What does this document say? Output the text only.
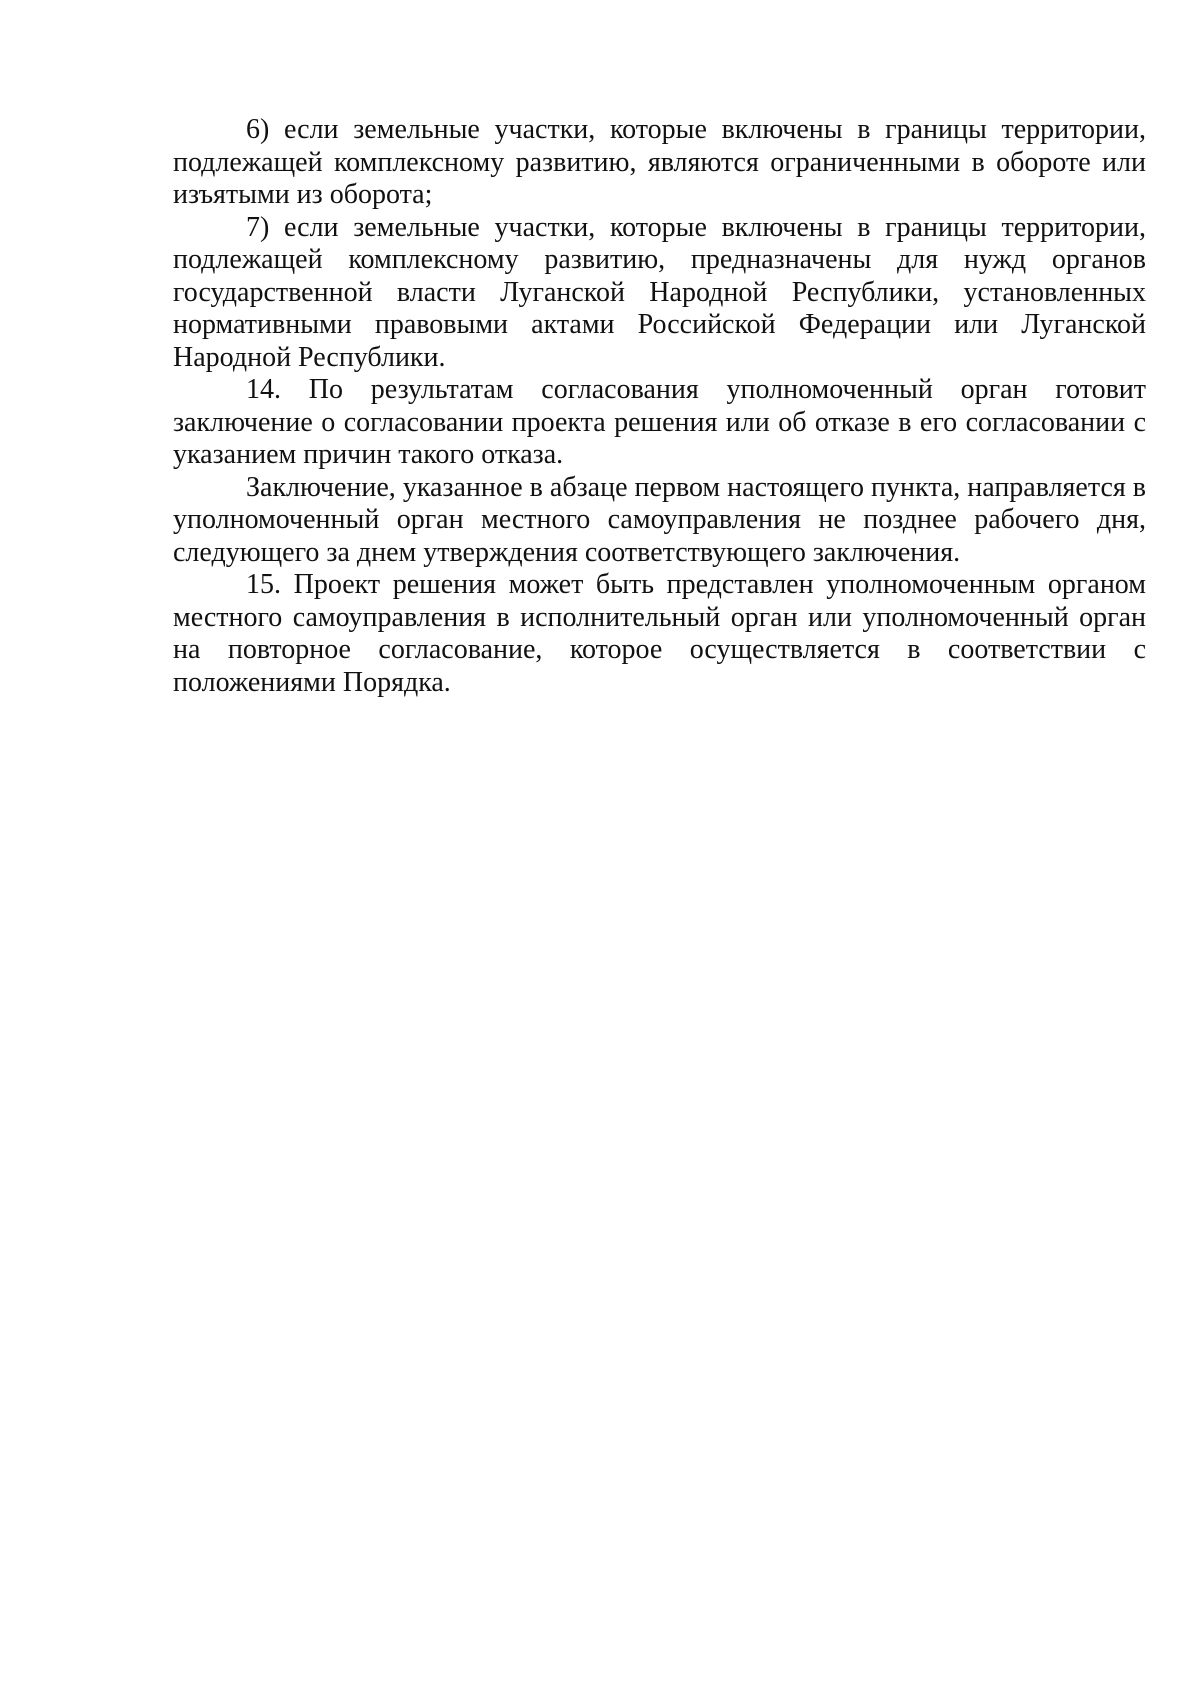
6) если земельные участки, которые включены в границы территории, подлежащей комплексному развитию, являются ограниченными в обороте или изъятыми из оборота;

7) если земельные участки, которые включены в границы территории, подлежащей комплексному развитию, предназначены для нужд органов государственной власти Луганской Народной Республики, установленных нормативными правовыми актами Российской Федерации или Луганской Народной Республики.

14. По результатам согласования уполномоченный орган готовит заключение о согласовании проекта решения или об отказе в его согласовании с указанием причин такого отказа.

Заключение, указанное в абзаце первом настоящего пункта, направляется в уполномоченный орган местного самоуправления не позднее рабочего дня, следующего за днем утверждения соответствующего заключения.

15. Проект решения может быть представлен уполномоченным органом местного самоуправления в исполнительный орган или уполномоченный орган на повторное согласование, которое осуществляется в соответствии с положениями Порядка.
